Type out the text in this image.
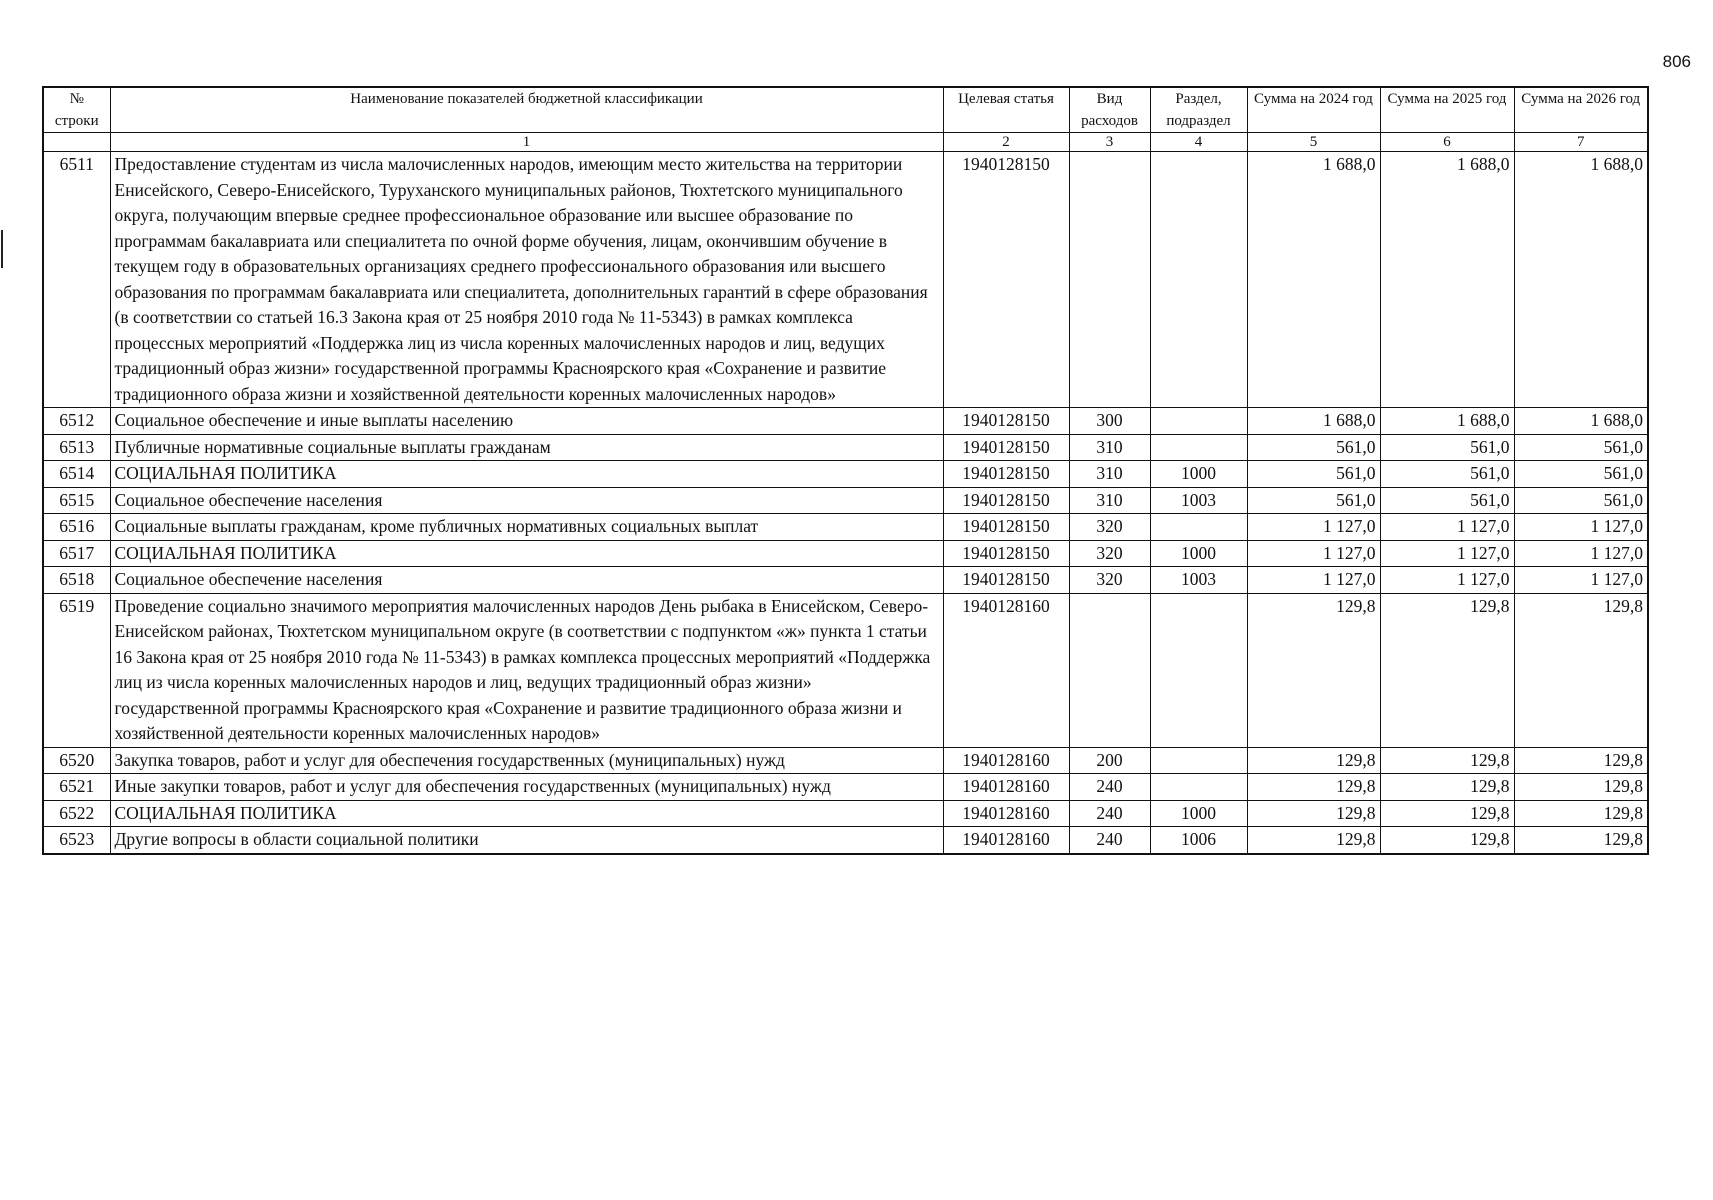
806
№ строки	Наименование показателей бюджетной классификации	Целевая статья	Вид расходов	Раздел, подраздел	Сумма на 2024 год	Сумма на 2025 год	Сумма на 2026 год
	1	2	3	4	5	6	7
6511	Предоставление студентам из числа малочисленных народов, имеющим место жительства на территории Енисейского, Северо-Енисейского, Туруханского муниципальных районов, Тюхтетского муниципального округа, получающим впервые среднее профессиональное образование или высшее образование по программам бакалавриата или специалитета по очной форме обучения, лицам, окончившим обучение в текущем году в образовательных организациях среднего профессионального образования или высшего образования по программам бакалавриата или специалитета, дополнительных гарантий в сфере образования (в соответствии со статьей 16.3 Закона края от 25 ноября 2010 года № 11-5343) в рамках комплекса процессных мероприятий «Поддержка лиц из числа коренных малочисленных народов и лиц, ведущих традиционный образ жизни» государственной программы Красноярского края «Сохранение и развитие традиционного образа жизни и хозяйственной деятельности коренных малочисленных народов»	1940128150			1 688,0	1 688,0	1 688,0
6512	Социальное обеспечение и иные выплаты населению	1940128150	300		1 688,0	1 688,0	1 688,0
6513	Публичные нормативные социальные выплаты гражданам	1940128150	310		561,0	561,0	561,0
6514	СОЦИАЛЬНАЯ ПОЛИТИКА	1940128150	310	1000	561,0	561,0	561,0
6515	Социальное обеспечение населения	1940128150	310	1003	561,0	561,0	561,0
6516	Социальные выплаты гражданам, кроме публичных нормативных социальных выплат	1940128150	320		1 127,0	1 127,0	1 127,0
6517	СОЦИАЛЬНАЯ ПОЛИТИКА	1940128150	320	1000	1 127,0	1 127,0	1 127,0
6518	Социальное обеспечение населения	1940128150	320	1003	1 127,0	1 127,0	1 127,0
6519	Проведение социально значимого мероприятия малочисленных народов День рыбака в Енисейском, Северо-Енисейском районах, Тюхтетском муниципальном округе (в соответствии с подпунктом «ж» пункта 1 статьи 16 Закона края от 25 ноября 2010 года № 11-5343) в рамках комплекса процессных мероприятий «Поддержка лиц из числа коренных малочисленных народов и лиц, ведущих традиционный образ жизни» государственной программы Красноярского края «Сохранение и развитие традиционного образа жизни и хозяйственной деятельности коренных малочисленных народов»	1940128160			129,8	129,8	129,8
6520	Закупка товаров, работ и услуг для обеспечения государственных (муниципальных) нужд	1940128160	200		129,8	129,8	129,8
6521	Иные закупки товаров, работ и услуг для обеспечения государственных (муниципальных) нужд	1940128160	240		129,8	129,8	129,8
6522	СОЦИАЛЬНАЯ ПОЛИТИКА	1940128160	240	1000	129,8	129,8	129,8
6523	Другие вопросы в области социальной политики	1940128160	240	1006	129,8	129,8	129,8
